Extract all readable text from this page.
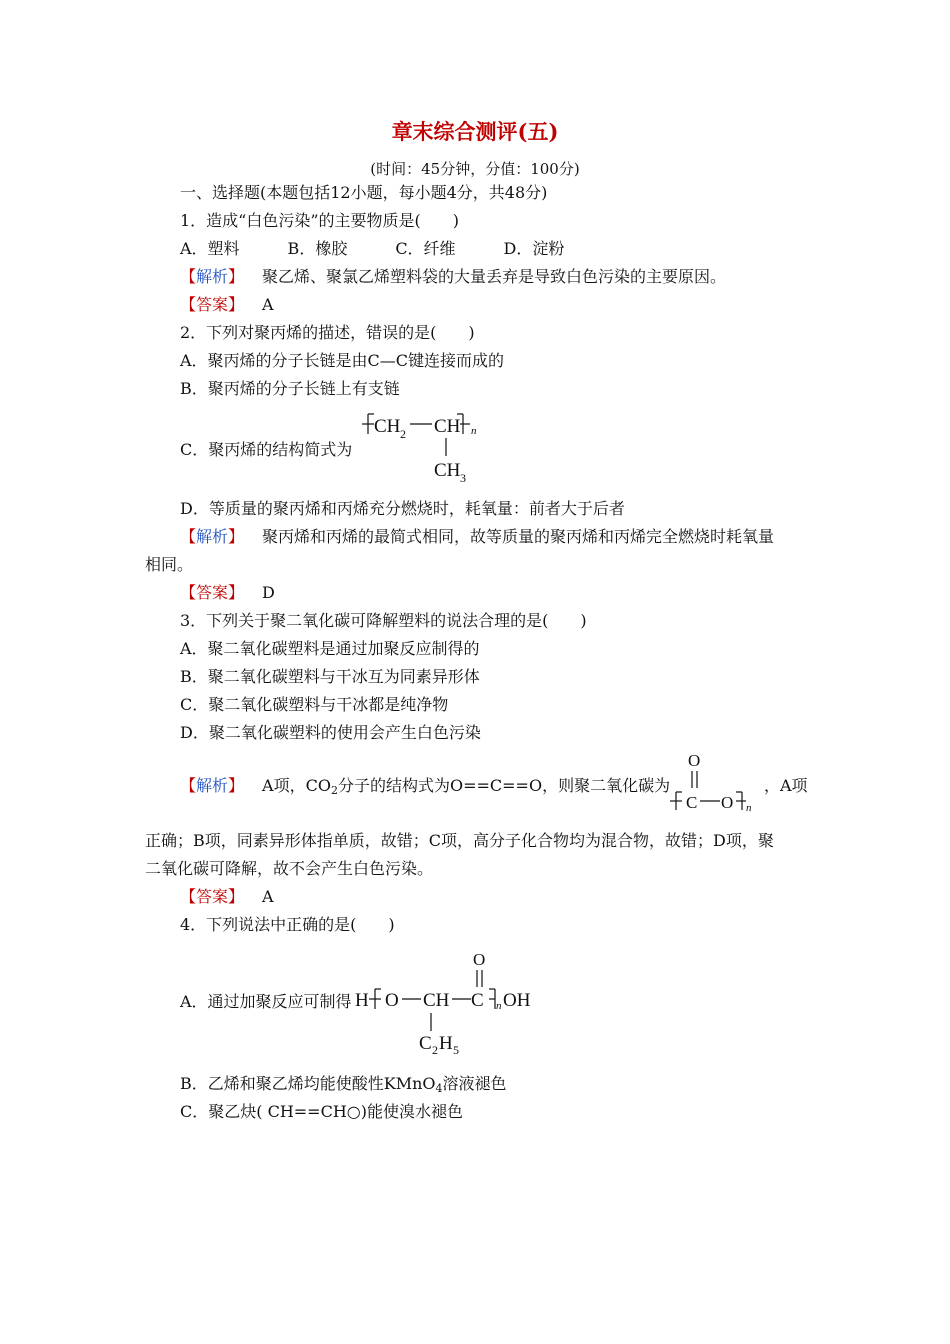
章末综合测评(五)
(时间：45分钟，分值：100分)
一、选择题(本题包括12小题，每小题4分，共48分)
1．造成“白色污染”的主要物质是(　　)
A．塑料　　　B．橡胶　　　C．纤维　　　D．淀粉
【解析】 聚乙烯、聚氯乙烯塑料袋的大量丢弃是导致白色污染的主要原因。
【答案】 A
2．下列对聚丙烯的描述，错误的是(　　)
A．聚丙烯的分子长链是由C—C键连接而成的
B．聚丙烯的分子长链上有支链
C．聚丙烯的结构简式为
CH 2 CH n
CH 3
D．等质量的聚丙烯和丙烯充分燃烧时，耗氧量：前者大于后者
【解析】 聚丙烯和丙烯的最简式相同，故等质量的聚丙烯和丙烯完全燃烧时耗氧量
相同。
【答案】 D
3．下列关于聚二氧化碳可降解塑料的说法合理的是(　　)
A．聚二氧化碳塑料是通过加聚反应制得的
B．聚二氧化碳塑料与干冰互为同素异形体
C．聚二氧化碳塑料与干冰都是纯净物
D．聚二氧化碳塑料的使用会产生白色污染
【解析】 A项，CO2分子的结构式为O==C==O，则聚二氧化碳为
O
C O n
，A项
正确；B项，同素异形体指单质，故错；C项，高分子化合物均为混合物，故错；D项，聚
二氧化碳可降解，故不会产生白色污染。
【答案】 A
4．下列说法中正确的是(　　)
A．通过加聚反应可制得
O
H O CH C n OH
C 2 H 5
B．乙烯和聚乙烯均能使酸性KMnO4溶液褪色
C．聚乙炔( CH==CH○)能使溴水褪色
